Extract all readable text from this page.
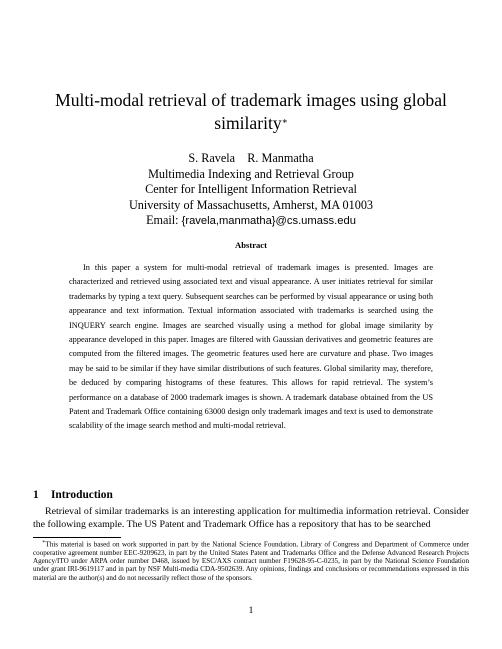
Multi-modal retrieval of trademark images using global
similarity∗
S. Ravela    R. Manmatha
Multimedia Indexing and Retrieval Group
Center for Intelligent Information Retrieval
University of Massachusetts, Amherst, MA 01003
Email: {ravela,manmatha}@cs.umass.edu
Abstract

In this paper a system for multi-modal retrieval of trademark images is presented. Images are characterized and retrieved using associated text and visual appearance. A user initiates retrieval for similar trademarks by typing a text query. Subsequent searches can be performed by visual appearance or using both appearance and text information. Textual information associated with trademarks is searched using the INQUERY search engine. Images are searched visually using a method for global image similarity by appearance developed in this paper. Images are filtered with Gaussian derivatives and geometric features are computed from the filtered images. The geometric features used here are curvature and phase. Two images may be said to be similar if they have similar distributions of such features. Global similarity may, therefore, be deduced by comparing histograms of these features. This allows for rapid retrieval. The system’s performance on a database of 2000 trademark images is shown. A trademark database obtained from the US Patent and Trademark Office containing 63000 design only trademark images and text is used to demonstrate scalability of the image search method and multi-modal retrieval.

1 Introduction

Retrieval of similar trademarks is an interesting application for multimedia information retrieval. Consider the following example. The US Patent and Trademark Office has a repository that has to be searched

∗This material is based on work supported in part by the National Science Foundation, Library of Congress and Department of Commerce under cooperative agreement number EEC-9209623, in part by the United States Patent and Trademarks Office and the Defense Advanced Research Projects Agency/ITO under ARPA order number D468, issued by ESC/AXS contract number F19628-95-C-0235, in part by the National Science Foundation under grant IRI-9619117 and in part by NSF Multi-media CDA-9502639. Any opinions, findings and conclusions or recommendations expressed in this material are the author(s) and do not necessarily reflect those of the sponsors.

1
